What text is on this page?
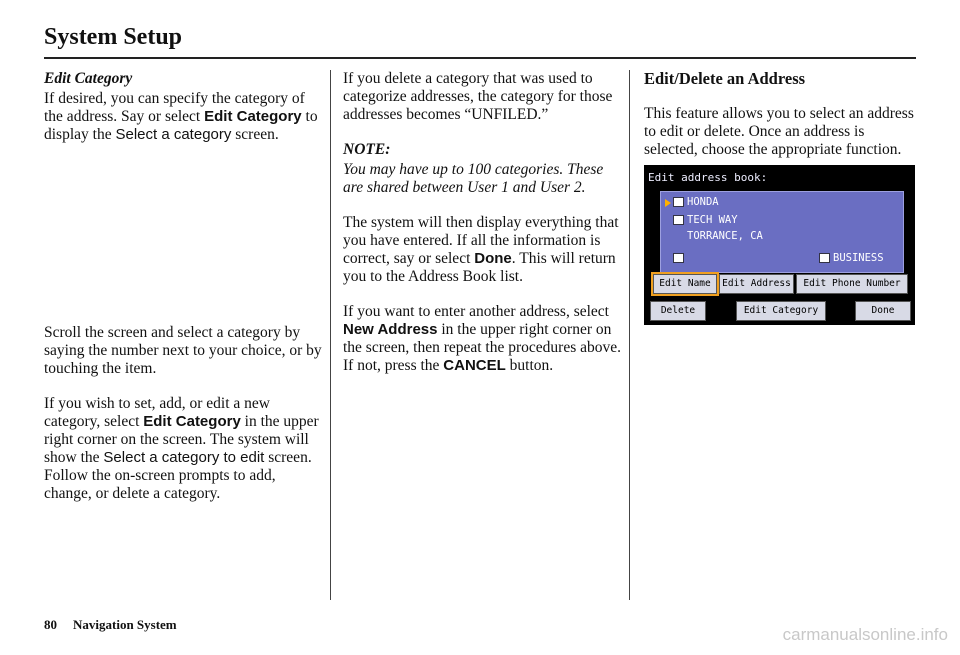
System Setup

Edit Category

If desired, you can specify the category of the address. Say or select Edit Category to display the Select a category screen.

Scroll the screen and select a category by saying the number next to your choice, or by touching the item.

If you wish to set, add, or edit a new category, select Edit Category in the upper right corner on the screen. The system will show the Select a category to edit screen. Follow the on-screen prompts to add, change, or delete a category.

If you delete a category that was used to categorize addresses, the category for those addresses becomes “UNFILED.”

NOTE:

You may have up to 100 categories. These are shared between User 1 and User 2.

The system will then display everything that you have entered. If all the information is correct, say or select Done. This will return you to the Address Book list.

If you want to enter another address, select New Address in the upper right corner on the screen, then repeat the procedures above. If not, press the CANCEL button.

Edit/Delete an Address

This feature allows you to select an address to edit or delete. Once an address is selected, choose the appropriate function.

Edit address book:
HONDA
TECH WAY
TORRANCE, CA
BUSINESS
Edit Name	Edit Address	Edit Phone Number
Delete	Edit Category	Done
80 Navigation System
carmanualsonline.info
